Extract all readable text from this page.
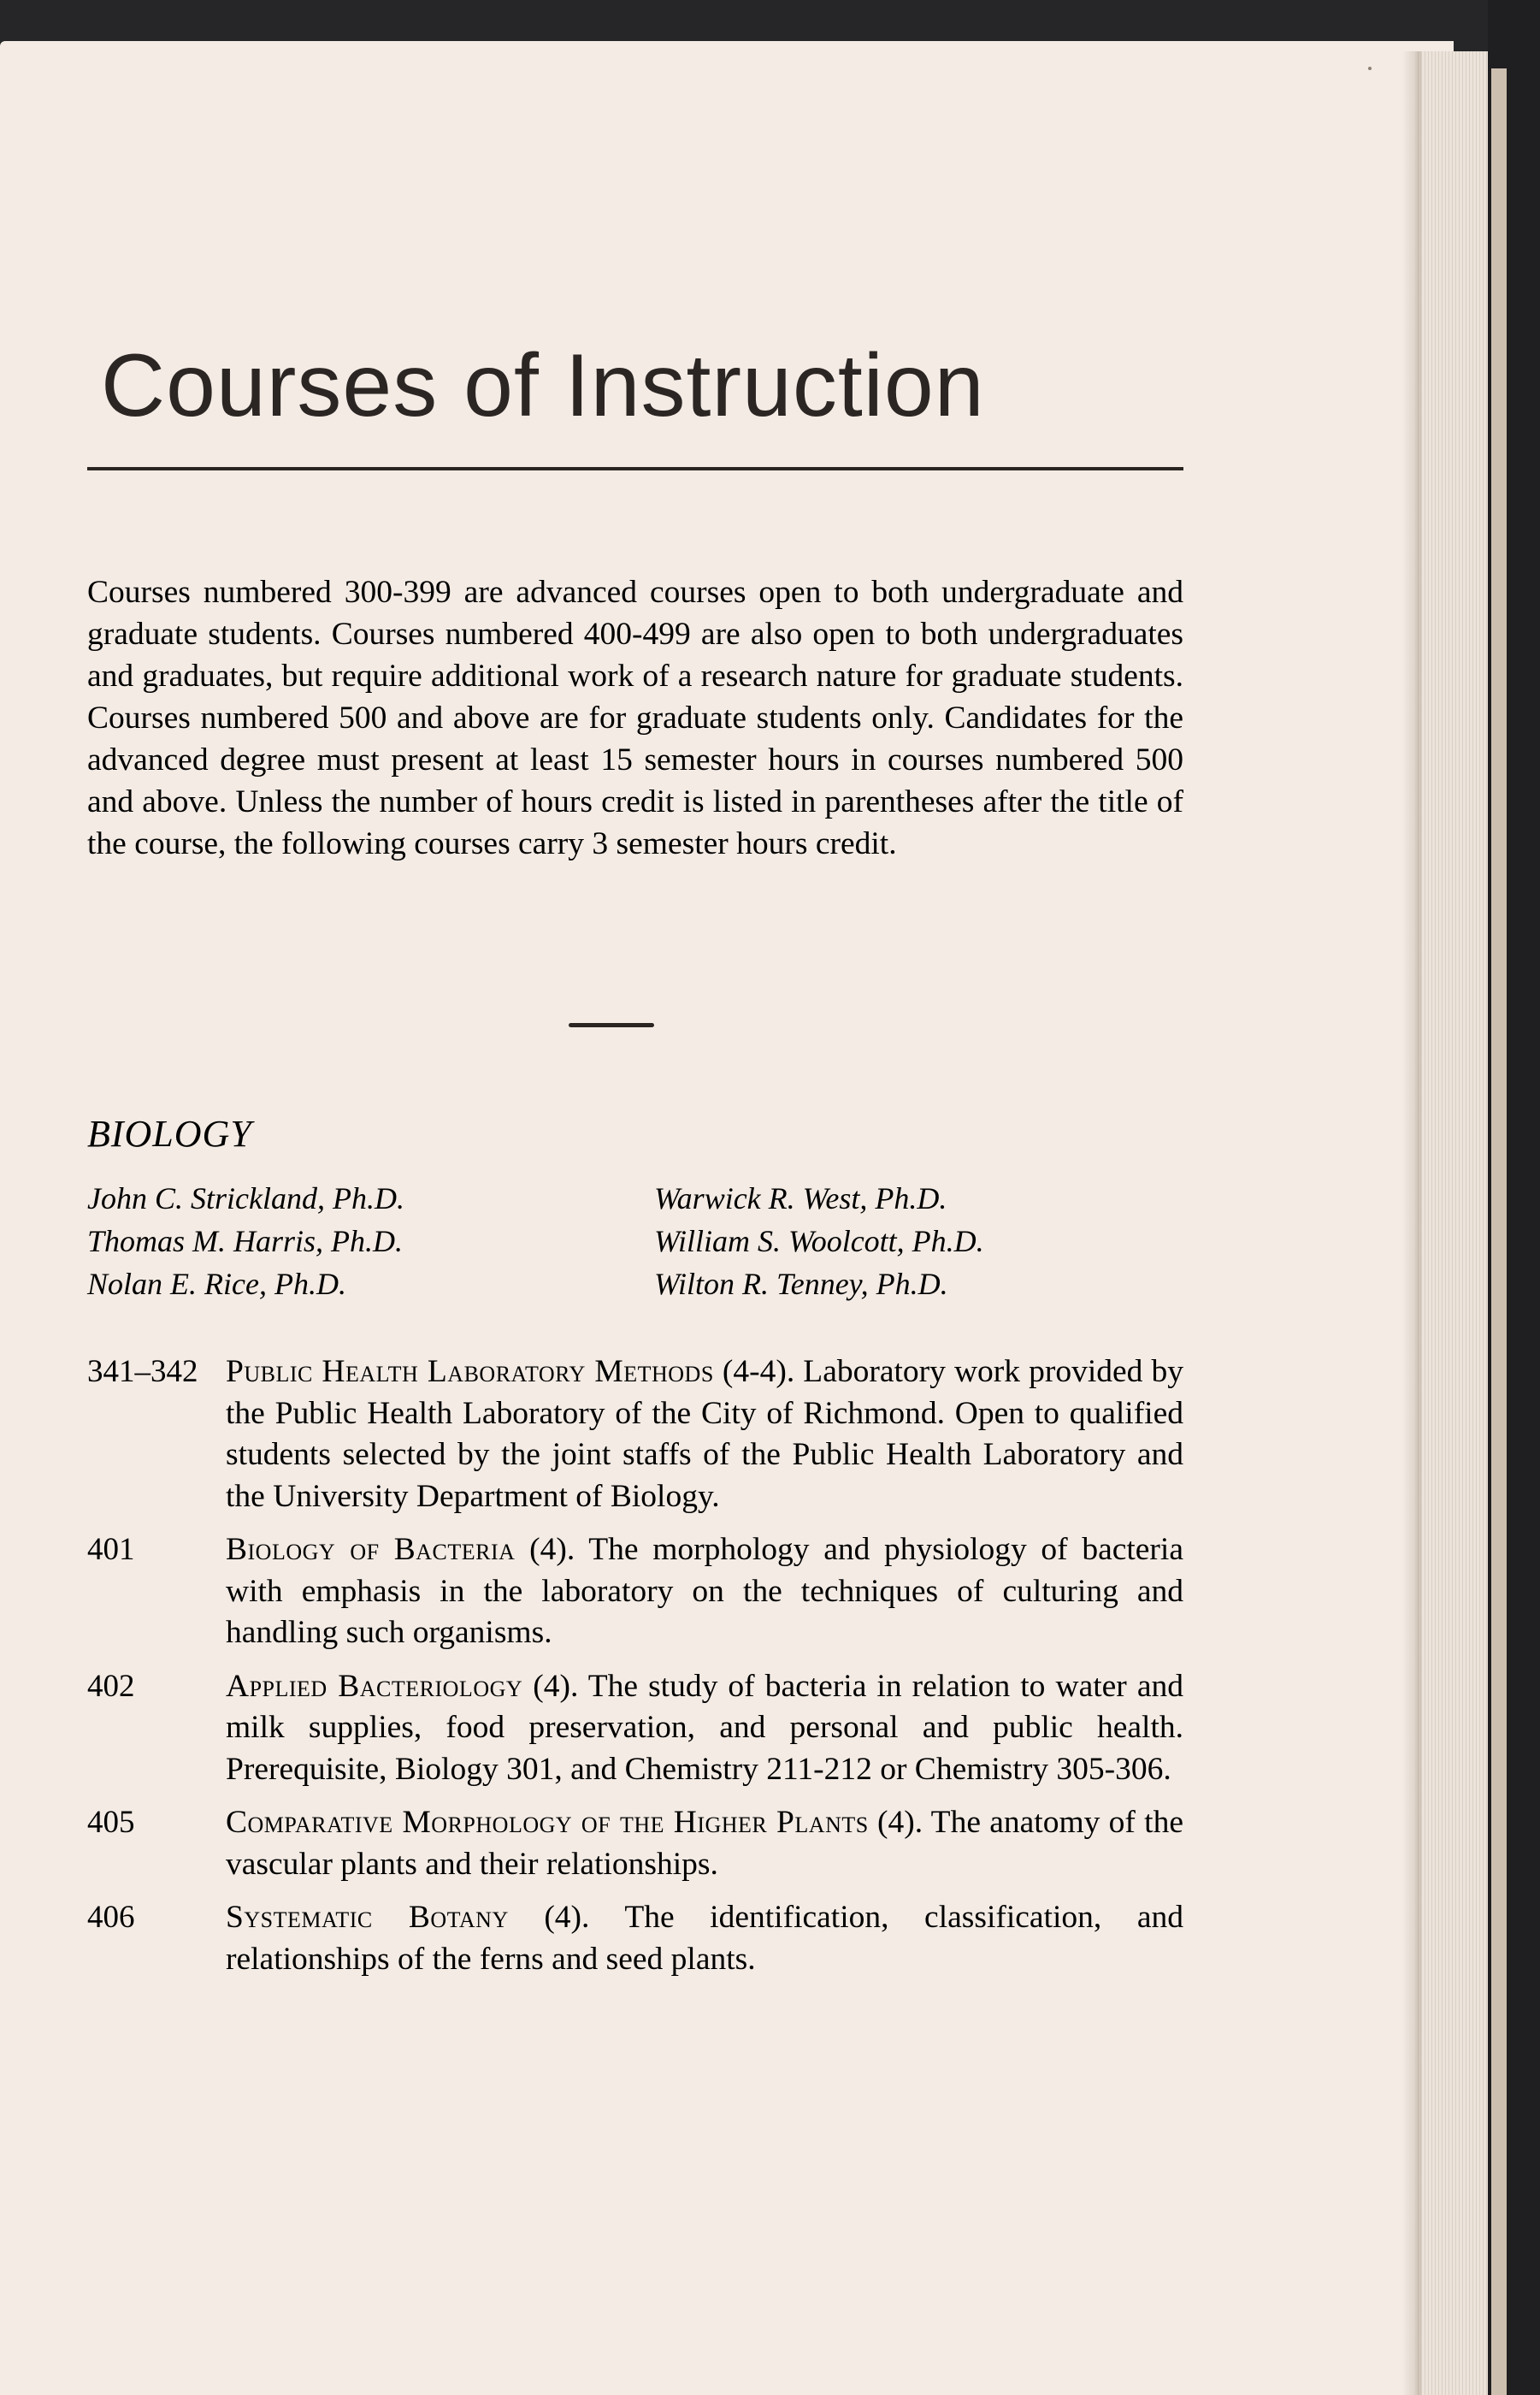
Courses of Instruction

Courses numbered 300-399 are advanced courses open to both undergraduate and graduate students. Courses numbered 400-499 are also open to both undergraduates and graduates, but require additional work of a research nature for graduate students. Courses numbered 500 and above are for graduate students only. Candidates for the advanced degree must present at least 15 semester hours in courses numbered 500 and above. Unless the number of hours credit is listed in parentheses after the title of the course, the following courses carry 3 semester hours credit.

BIOLOGY
John C. Strickland, Ph.D.
Thomas M. Harris, Ph.D.
Nolan E. Rice, Ph.D.
Warwick R. West, Ph.D.
William S. Woolcott, Ph.D.
Wilton R. Tenney, Ph.D.
341–342 Public Health Laboratory Methods (4-4). Laboratory work provided by the Public Health Laboratory of the City of Richmond. Open to qualified students selected by the joint staffs of the Public Health Laboratory and the University Department of Biology.
401	Biology of Bacteria (4). The morphology and physiology of bacteria with emphasis in the laboratory on the techniques of culturing and handling such organisms.
402	Applied Bacteriology (4). The study of bacteria in relation to water and milk supplies, food preservation, and personal and public health. Prerequisite, Biology 301, and Chemistry 211-212 or Chemistry 305-306.
405	Comparative Morphology of the Higher Plants (4). The anatomy of the vascular plants and their relationships.
406	Systematic Botany (4). The identification, classification, and relationships of the ferns and seed plants.
